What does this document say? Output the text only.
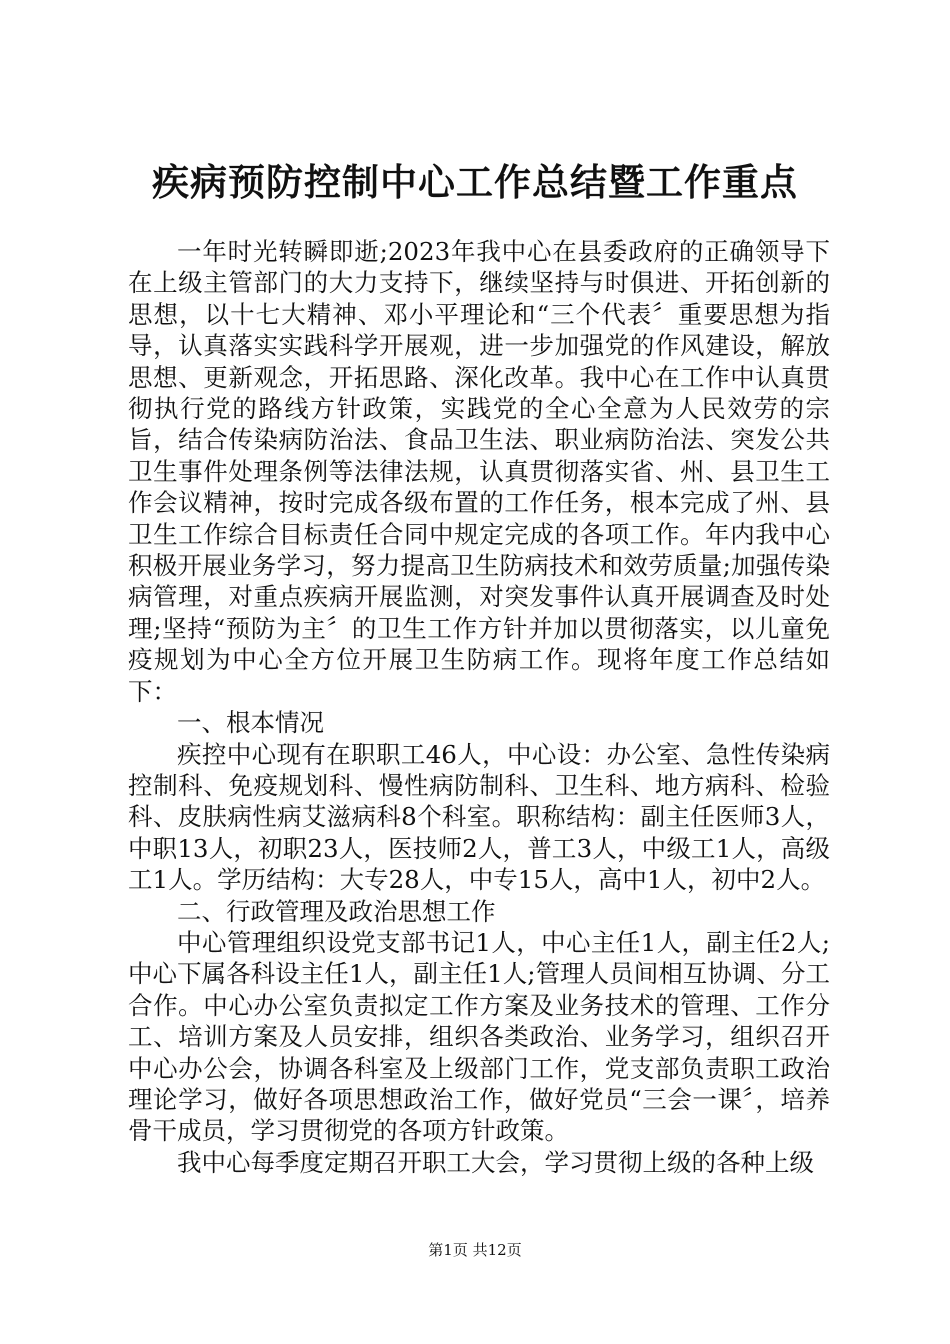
疾病预防控制中心工作总结暨工作重点

一年时光转瞬即逝;2023年我中心在县委政府的正确领导下在上级主管部门的大力支持下，继续坚持与时俱进、开拓创新的思想，以十七大精神、邓小平理论和“三个代表〞重要思想为指导，认真落实实践科学开展观，进一步加强党的作风建设，解放思想、更新观念，开拓思路、深化改革。我中心在工作中认真贯彻执行党的路线方针政策，实践党的全心全意为人民效劳的宗旨，结合传染病防治法、食品卫生法、职业病防治法、突发公共卫生事件处理条例等法律法规，认真贯彻落实省、州、县卫生工作会议精神，按时完成各级布置的工作任务，根本完成了州、县卫生工作综合目标责任合同中规定完成的各项工作。年内我中心积极开展业务学习，努力提高卫生防病技术和效劳质量;加强传染病管理，对重点疾病开展监测，对突发事件认真开展调查及时处理;坚持“预防为主〞的卫生工作方针并加以贯彻落实，以儿童免疫规划为中心全方位开展卫生防病工作。现将年度工作总结如下：

一、根本情况

疾控中心现有在职职工46人，中心设：办公室、急性传染病控制科、免疫规划科、慢性病防制科、卫生科、地方病科、检验科、皮肤病性病艾滋病科8个科室。职称结构：副主任医师3人，中职13人，初职23人，医技师2人，普工3人，中级工1人，高级工1人。学历结构：大专28人，中专15人，高中1人，初中2人。

二、行政管理及政治思想工作

中心管理组织设党支部书记1人，中心主任1人，副主任2人;中心下属各科设主任1人，副主任1人;管理人员间相互协调、分工合作。中心办公室负责拟定工作方案及业务技术的管理、工作分工、培训方案及人员安排，组织各类政治、业务学习，组织召开中心办公会，协调各科室及上级部门工作，党支部负责职工政治理论学习，做好各项思想政治工作，做好党员“三会一课〞，培养骨干成员，学习贯彻党的各项方针政策。

我中心每季度定期召开职工大会，学习贯彻上级的各种上级

第1页 共12页
